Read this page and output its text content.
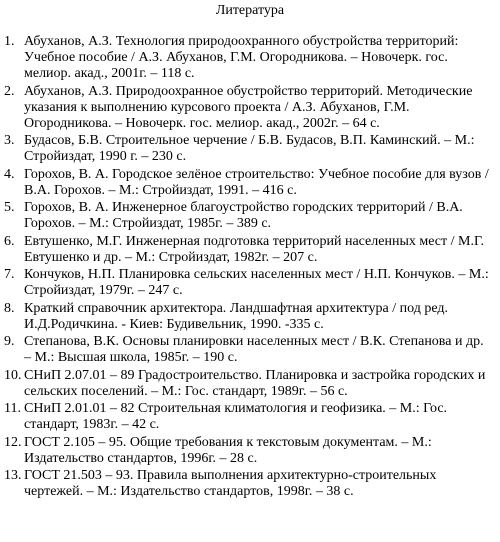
Литература
1. Абуханов, А.З. Технология природоохранного обустройства территорий: Учебное пособие / А.З. Абуханов, Г.М. Огородникова. – Новочерк. гос. мелиор. акад., 2001г. – 118 с.
2. Абуханов, А.З. Природоохранное обустройство территорий. Методические указания к выполнению курсового проекта / А.З. Абуханов, Г.М. Огородникова. – Новочерк. гос. мелиор. акад., 2002г. – 64 с.
3. Будасов, Б.В. Строительное черчение / Б.В. Будасов, В.П. Каминский. – М.: Стройиздат, 1990 г. – 230 с.
4. Горохов, В. А. Городское зелёное строительство: Учебное пособие для вузов / В.А. Горохов. – М.: Стройиздат, 1991. – 416 с.
5. Горохов, В. А. Инженерное благоустройство городских территорий / В.А. Горохов. – М.: Стройиздат, 1985г. – 389 с.
6. Евтушенко, М.Г. Инженерная подготовка территорий населенных мест / М.Г. Евтушенко и др. – М.: Стройиздат, 1982г. – 207 с.
7. Кончуков, Н.П. Планировка сельских населенных мест / Н.П. Кончуков. – М.: Стройиздат, 1979г. – 247 с.
8. Краткий справочник архитектора. Ландшафтная архитектура / под ред. И.Д.Родичкина. - Киев: Будивельник, 1990. -335 с.
9. Степанова, В.К. Основы планировки населенных мест / В.К. Степанова и др. – М.: Высшая школа, 1985г. – 190 с.
10. СНиП 2.07.01 – 89 Градостроительство. Планировка и застройка городских и сельских поселений. – М.: Гос. стандарт, 1989г. – 56 с.
11. СНиП 2.01.01 – 82 Строительная климатология и геофизика. – М.: Гос. стандарт, 1983г. – 42 с.
12. ГОСТ 2.105 – 95. Общие требования к текстовым документам. – М.: Издательство стандартов, 1996г. – 28 с.
13. ГОСТ 21.503 – 93. Правила выполнения архитектурно-строительных чертежей. – М.: Издательство стандартов, 1998г. – 38 с.
